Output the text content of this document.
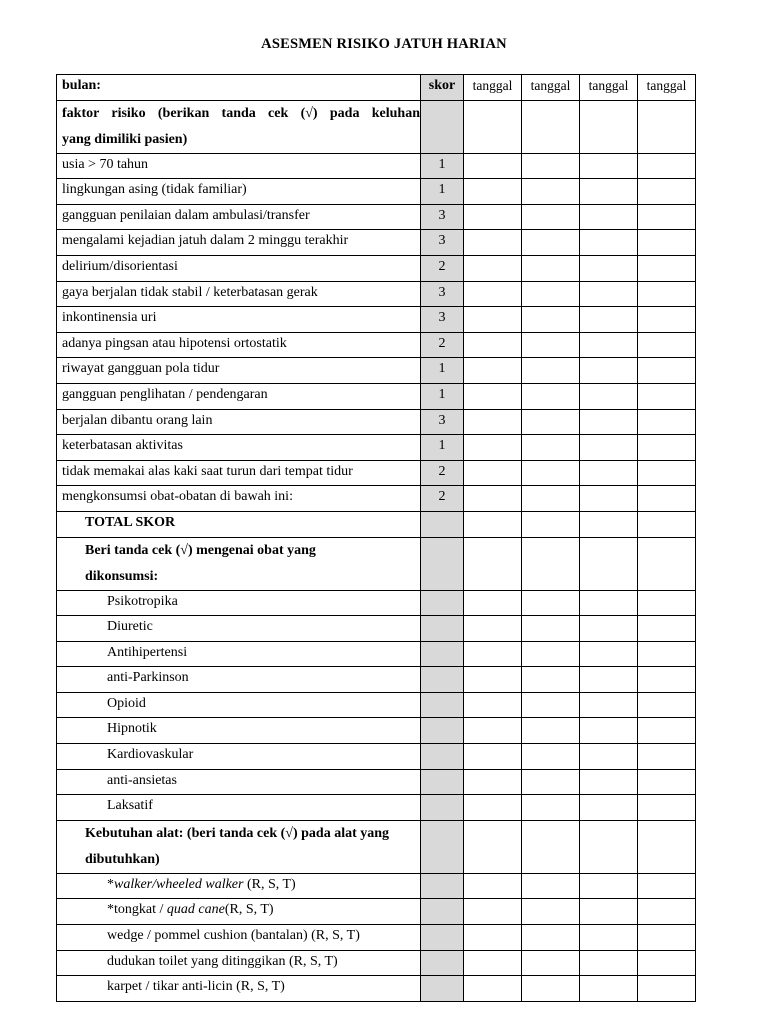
ASESMEN RISIKO JATUH HARIAN
bulan:	skor	tanggal	tanggal	tanggal	tanggal

faktor risiko (berikan tanda cek (√) pada keluhan
yang dimiliki pasien)					

usia > 70 tahun	1				
lingkungan asing (tidak familiar)	1				
gangguan penilaian dalam ambulasi/transfer	3				
mengalami kejadian jatuh dalam 2 minggu terakhir	3				
delirium/disorientasi	2				
gaya berjalan tidak stabil / keterbatasan gerak	3				
inkontinensia uri	3				
adanya pingsan atau hipotensi ortostatik	2				
riwayat gangguan pola tidur	1				
gangguan penglihatan / pendengaran	1				
berjalan dibantu orang lain	3				
keterbatasan aktivitas	1				
tidak memakai alas kaki saat turun dari tempat tidur	2				
mengkonsumsi obat-obatan di bawah ini:	2				
TOTAL SKOR					

Beri tanda cek (√) mengenai obat yang
dikonsumsi:					

Psikotropika					
Diuretic					
Antihipertensi					
anti-Parkinson					
Opioid					
Hipnotik					
Kardiovaskular					
anti-ansietas					
Laksatif					

Kebutuhan alat: (beri tanda cek (√) pada alat yang
dibutuhkan)					

*walker/wheeled walker (R, S, T)					
*tongkat / quad cane(R, S, T)					
wedge / pommel cushion (bantalan) (R, S, T)					
dudukan toilet yang ditinggikan (R, S, T)					
karpet / tikar anti-licin (R, S, T)					
